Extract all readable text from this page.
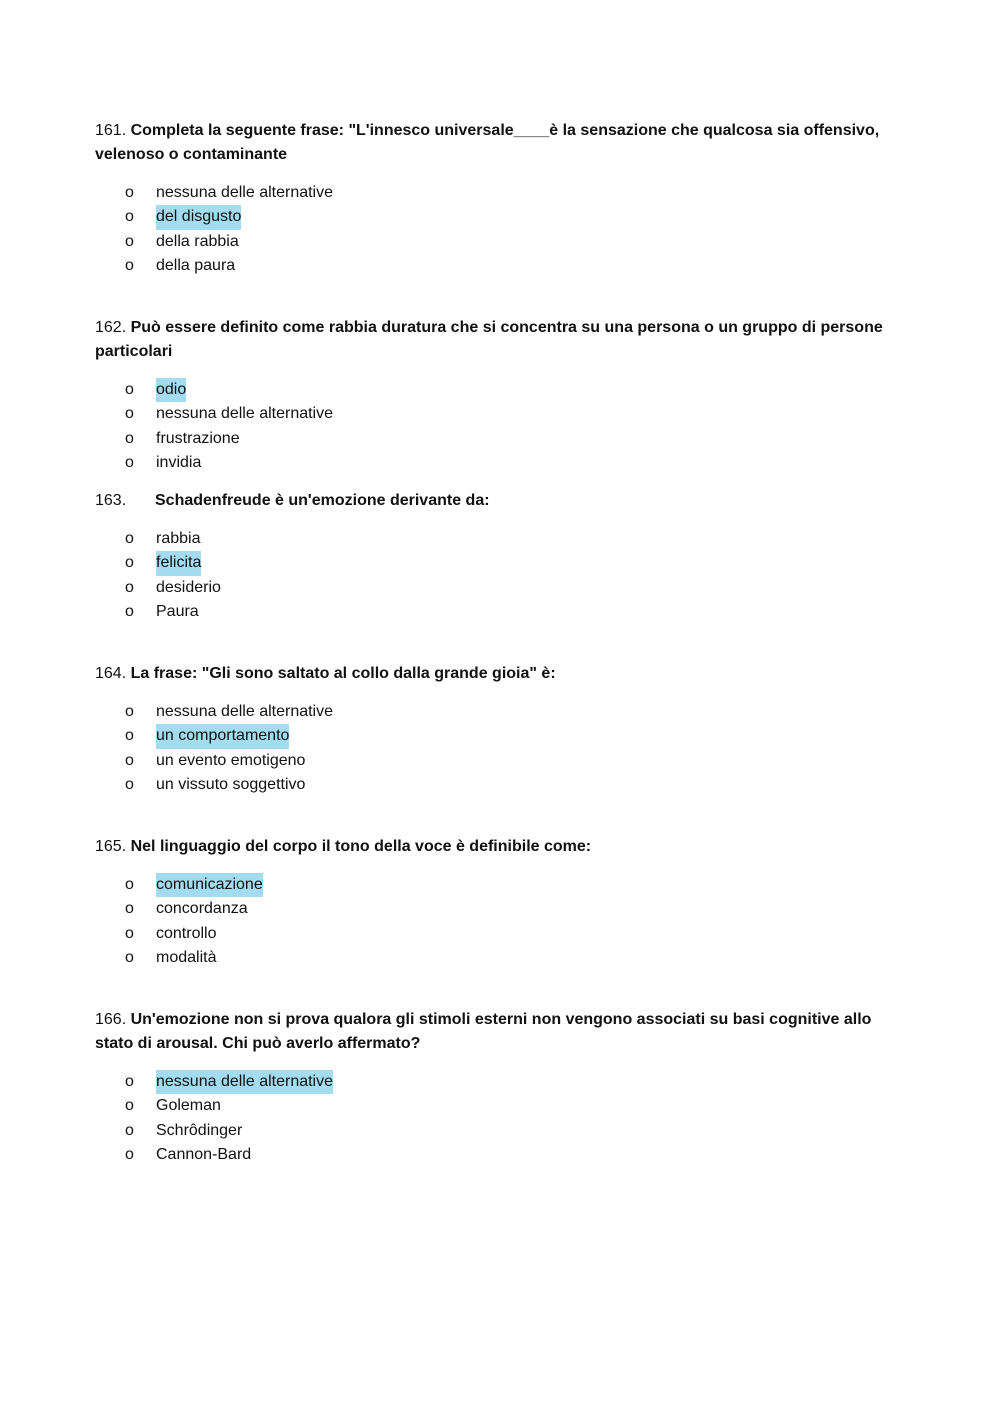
161. Completa la seguente frase: "L'innesco universale____è la sensazione che qualcosa sia offensivo, velenoso o contaminante

o nessuna delle alternative
o del disgusto
o della rabbia
o della paura

162. Può essere definito come rabbia duratura che si concentra su una persona o un gruppo di persone particolari

o odio
o nessuna delle alternative
o frustrazione
o invidia

163. Schadenfreude è un'emozione derivante da:

o rabbia
o felicita
o desiderio
o Paura

164. La frase: "Gli sono saltato al collo dalla grande gioia" è:

o nessuna delle alternative
o un comportamento
o un evento emotigeno
o un vissuto soggettivo

165. Nel linguaggio del corpo il tono della voce è definibile come:

o comunicazione
o concordanza
o controllo
o modalità

166. Un'emozione non si prova qualora gli stimoli esterni non vengono associati su basi cognitive allo stato di arousal. Chi può averlo affermato?

o nessuna delle alternative
o Goleman
o Schrôdinger
o Cannon-Bard
